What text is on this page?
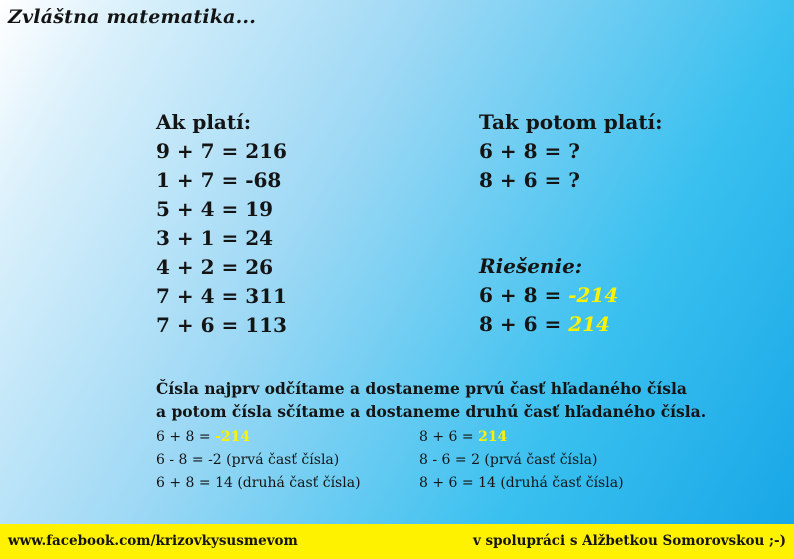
Zvláštna matematika...
Ak platí:
9 + 7 = 216
1 + 7 = -68
5 + 4 = 19
3 + 1 = 24
4 + 2 = 26
7 + 4 = 311
7 + 6 = 113
Tak potom platí:
6 + 8 = ?
8 + 6 = ?
Riešenie:
6 + 8 = -214
8 + 6 = 214
Čísla najprv odčítame a dostaneme prvú časť hľadaného čísla
a potom čísla sčítame a dostaneme druhú časť hľadaného čísla.
6 + 8 = -214
6 - 8 = -2 (prvá časť čísla)
6 + 8 = 14 (druhá časť čísla)
8 + 6 = 214
8 - 6 = 2 (prvá časť čísla)
8 + 6 = 14 (druhá časť čísla)
www.facebook.com/krizovkysusmevom	v spolupráci s Alžbetkou Somorovskou ;-)
